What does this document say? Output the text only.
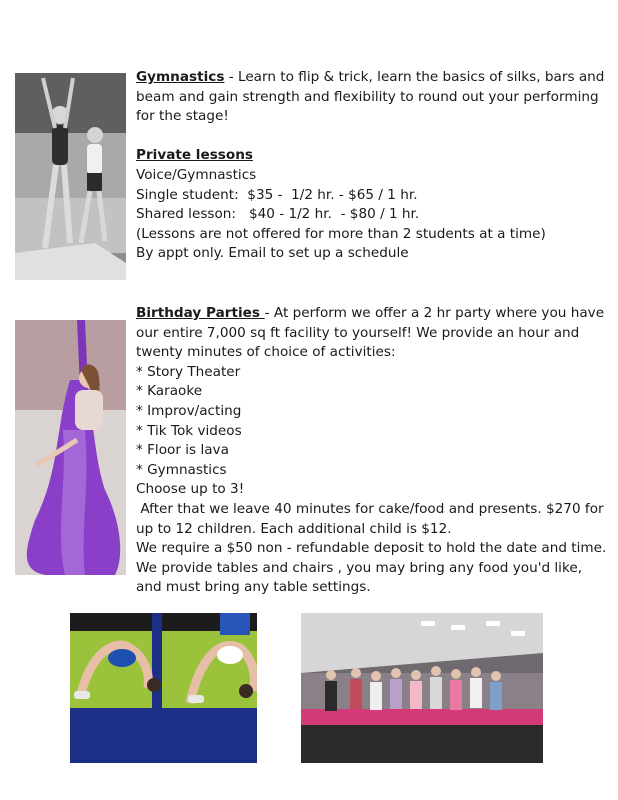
Gymnastics - Learn to flip & trick, learn the basics of silks, bars and beam and gain strength and flexibility to round out your performing for the stage!

Private lessons

Voice/Gymnastics

Single student:  $35 -  1/2 hr. - $65 / 1 hr.

Shared lesson:   $40 - 1/2 hr.  - $80 / 1 hr.

(Lessons are not offered for more than 2 students at a time)

By appt only. Email to set up a schedule

Birthday Parties - At perform we offer a 2 hr party where you have our entire 7,000 sq ft facility to yourself! We provide an hour and twenty minutes of choice of activities:

* Story Theater

* Karaoke

* Improv/acting

* Tik Tok videos

* Floor is lava

* Gymnastics

Choose up to 3!

After that we leave 40 minutes for cake/food and presents. $270 for up to 12 children. Each additional child is $12.

We require a $50 non - refundable deposit to hold the date and time.

We provide tables and chairs , you may bring any food you'd like, and must bring any table settings.
